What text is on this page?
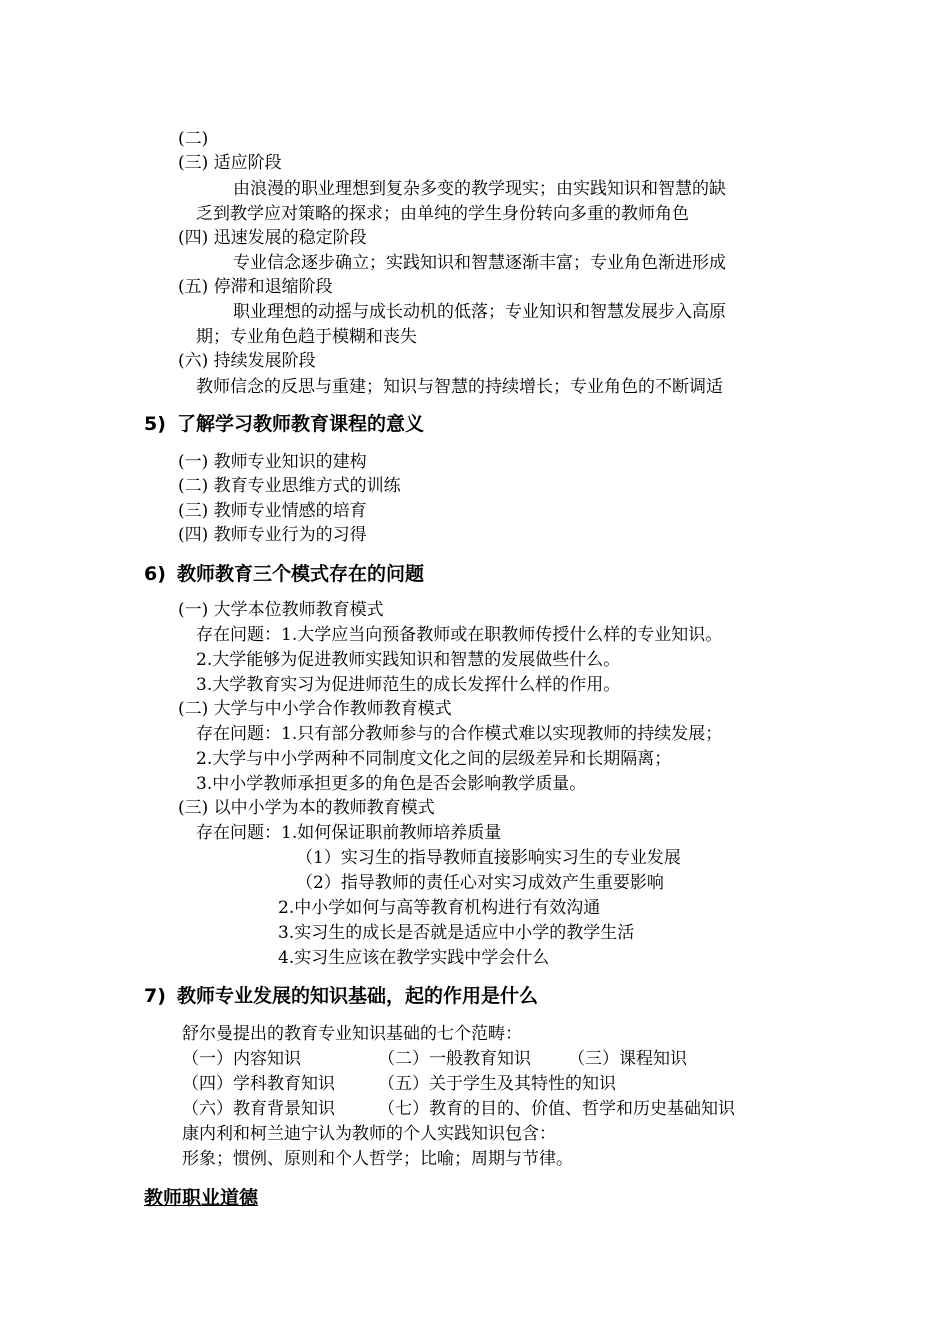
(二)
(三) 适应阶段
由浪漫的职业理想到复杂多变的教学现实；由实践知识和智慧的缺
乏到教学应对策略的探求；由单纯的学生身份转向多重的教师角色
(四) 迅速发展的稳定阶段
专业信念逐步确立；实践知识和智慧逐渐丰富；专业角色渐进形成
(五) 停滞和退缩阶段
职业理想的动摇与成长动机的低落；专业知识和智慧发展步入高原
期；专业角色趋于模糊和丧失
(六) 持续发展阶段
教师信念的反思与重建；知识与智慧的持续增长；专业角色的不断调适
5) 了解学习教师教育课程的意义
(一) 教师专业知识的建构
(二) 教育专业思维方式的训练
(三) 教师专业情感的培育
(四) 教师专业行为的习得
6) 教师教育三个模式存在的问题
(一) 大学本位教师教育模式
存在问题：1.大学应当向预备教师或在职教师传授什么样的专业知识。
2.大学能够为促进教师实践知识和智慧的发展做些什么。
3.大学教育实习为促进师范生的成长发挥什么样的作用。
(二) 大学与中小学合作教师教育模式
存在问题：1.只有部分教师参与的合作模式难以实现教师的持续发展；
2.大学与中小学两种不同制度文化之间的层级差异和长期隔离；
3.中小学教师承担更多的角色是否会影响教学质量。
(三) 以中小学为本的教师教育模式
存在问题：1.如何保证职前教师培养质量
（1）实习生的指导教师直接影响实习生的专业发展
（2）指导教师的责任心对实习成效产生重要影响
2.中小学如何与高等教育机构进行有效沟通
3.实习生的成长是否就是适应中小学的教学生活
4.实习生应该在教学实践中学会什么
7) 教师专业发展的知识基础，起的作用是什么
舒尔曼提出的教育专业知识基础的七个范畴：
（一）内容知识	（二）一般教育知识 （三）课程知识
（四）学科教育知识	（五）关于学生及其特性的知识
（六）教育背景知识	（七）教育的目的、价值、哲学和历史基础知识
康内利和柯兰迪宁认为教师的个人实践知识包含：
形象；惯例、原则和个人哲学；比喻；周期与节律。
教师职业道德
